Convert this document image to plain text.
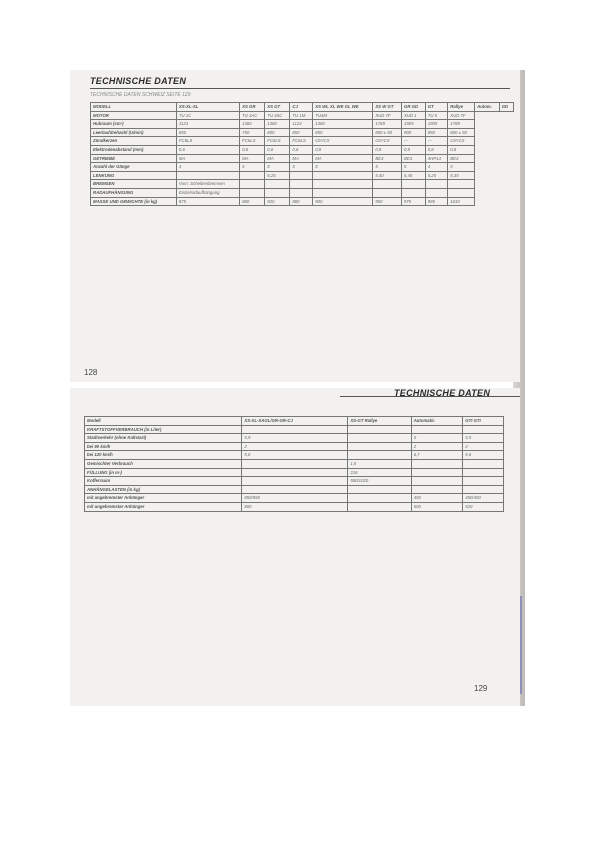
TECHNISCHE DATEN
TECHNISCHE DATEN SCHWEIZ SEITE 129
MODELL	XS-XL-SL	XS GR	XS GT	CJ	XS WL XL WE GL WE	XS W GT	GR GD	GT	Rallye	Autom.	GD
MOTOR	TU 1C	TU 3AC	TU 3SC	TU 1M	TU3M	XUD 7F	XUD 1	TU 5	XUD 7F		
Hubraum (cm³)	1124	1360	1360	1124	1360	1769	1905	1905	1769		
Leerlaufdrehzahl (U/min)	850	750	800	850	850	800 ± 50	900	850	800 ± 50		
Zündkerzen	FC6LS	FC6LS	FC6LS	FC6LS	C6YCX	C6YCX	—	—	C6YCX		
Elektrodenabstand (mm)	0,6	0,6	0,6	0,6	0,8	0,8	0,8	0,8	0,8		
GETRIEBE	MA	MA	MA	MA	MA	BE3	BE3	4HP14	BE3		
Anzahl der Gänge	4	5	5	5	5	5	5	4	5		
LENKUNG			5,25			5,40	5,45	5,25	5,35		
BREMSEN	Vorn: Scheibenbremsen										
RADAUFHÄNGUNG	Einzelradaufhängung										
MASSE UND GEWICHTE (in kg)	875	880	920	880	900	950	975	995	1010		
128
TECHNISCHE DATEN
Modell	XS-XL-XAGL/GR-GR-CJ	XS-GT Rallye	Automatic	GTI GTI
KRAFTSTOFFVERBRAUCH (in Liter)				
Stadtverkehr (ohne Kaltstart)	5,9		5	5,5
bei 90 km/h	2		2	2
bei 120 km/h	5,8		6,7	5,6
Gemischter Verbrauch		1,5		
FÜLLUNG (in m³)		216		
Kofferraum		580/1020		
ANHÄNGELASTEN (in kg)				
mit angebremster Anhänger	850/950		450	450/450
mit ungebremster Anhänger	800		500	520
129
